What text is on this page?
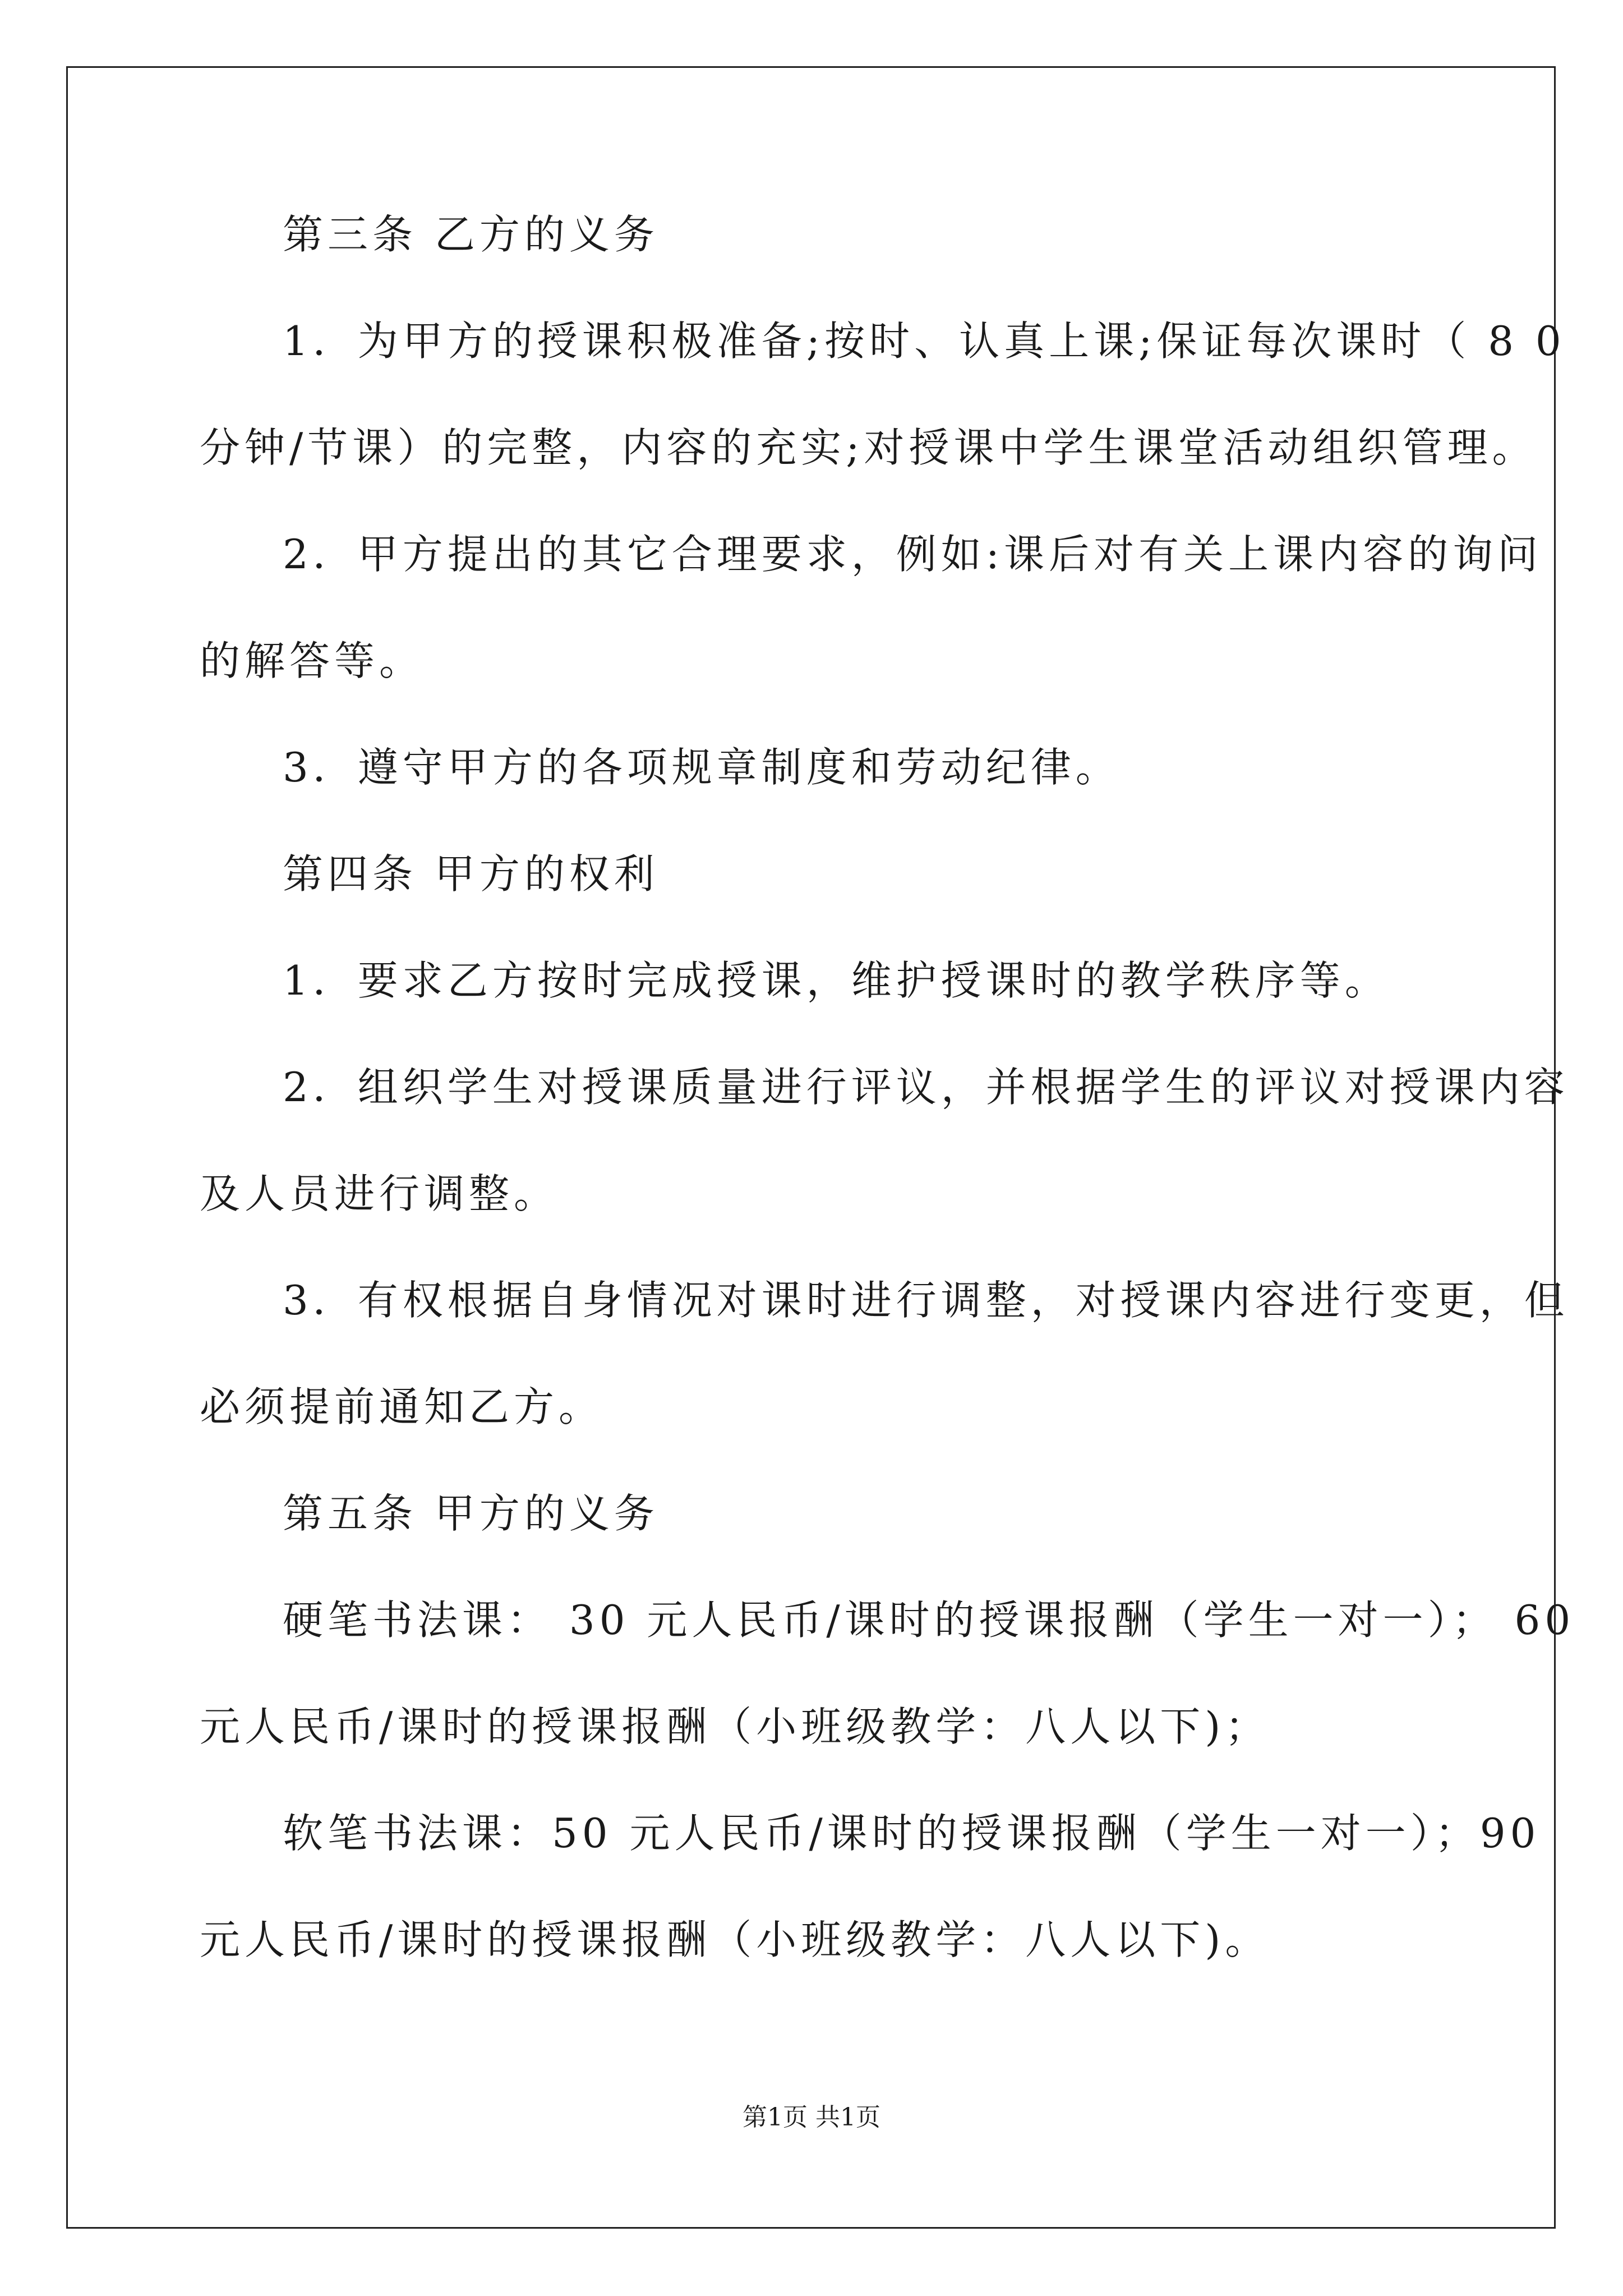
第三条 乙方的义务
1．为甲方的授课积极准备;按时、认真上课;保证每次课时（ 8 0
分钟/节课）的完整，内容的充实;对授课中学生课堂活动组织管理。
2．甲方提出的其它合理要求，例如:课后对有关上课内容的询问
的解答等。
3．遵守甲方的各项规章制度和劳动纪律。
第四条 甲方的权利
1．要求乙方按时完成授课，维护授课时的教学秩序等。
2．组织学生对授课质量进行评议，并根据学生的评议对授课内容
及人员进行调整。
3．有权根据自身情况对课时进行调整，对授课内容进行变更，但
必须提前通知乙方。
第五条 甲方的义务
硬笔书法课： 30 元人民币/课时的授课报酬（学生一对一）； 60
元人民币/课时的授课报酬（小班级教学：八人以下)；
软笔书法课：50 元人民币/课时的授课报酬（学生一对一）；90
元人民币/课时的授课报酬（小班级教学：八人以下)。
第1页 共1页
